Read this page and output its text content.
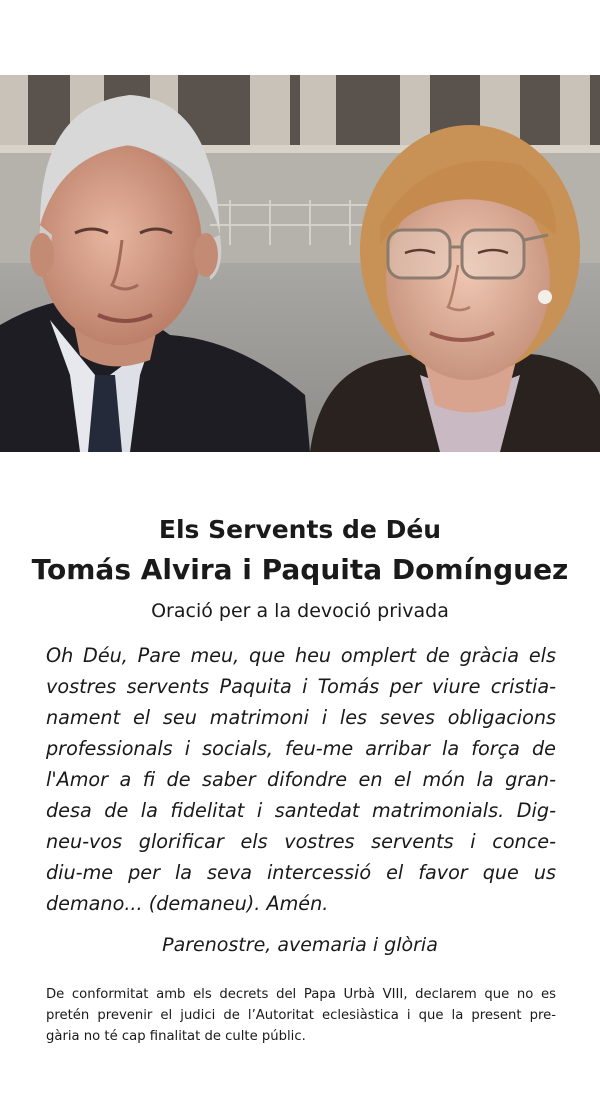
Els Servents de Déu
Tomás Alvira i Paquita Domínguez
Oració per a la devoció privada
Oh Déu, Pare meu, que heu omplert de gràcia els
vostres servents Paquita i Tomás per viure cristia-
nament el seu matrimoni i les seves obligacions
professionals i socials, feu-me arribar la força de
l'Amor a fi de saber difondre en el món la gran-
desa de la fidelitat i santedat matrimonials. Dig-
neu-vos glorificar els vostres servents i conce-
diu-me per la seva intercessió el favor que us
demano... (demaneu). Amén.
Parenostre, avemaria i glòria
De conformitat amb els decrets del Papa Urbà VIII, declarem que no es
pretén prevenir el judici de l’Autoritat eclesiàstica i que la present pre-
gària no té cap finalitat de culte públic.
